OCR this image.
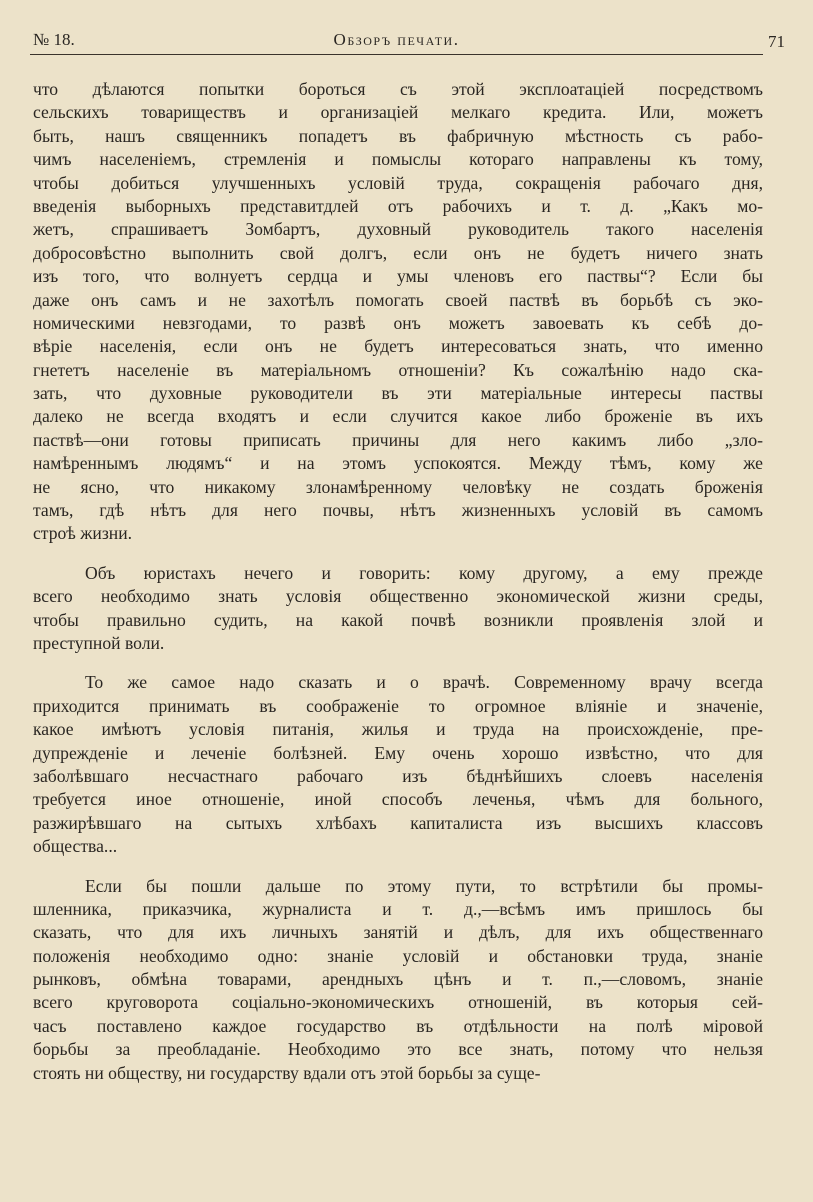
№ 18.	Обзоръ печати.	71
что дѣлаются попытки бороться съ этой эксплоатаціей посредствомъ
сельскихъ товариществъ и организаціей мелкаго кредита. Или, можетъ
быть, нашъ священникъ попадетъ въ фабричную мѣстность съ рабо-
чимъ населеніемъ, стремленія и помыслы котораго направлены къ тому,
чтобы добиться улучшенныхъ условій труда, сокращенія рабочаго дня,
введенія выборныхъ представитдлей отъ рабочихъ и т. д. „Какъ мо-
жетъ, спрашиваетъ Зомбартъ, духовный руководитель такого населенія
добросовѣстно выполнить свой долгъ, если онъ не будетъ ничего знать
изъ того, что волнуетъ сердца и умы членовъ его паствы“? Если бы
даже онъ самъ и не захотѣлъ помогать своей паствѣ въ борьбѣ съ эко-
номическими невзгодами, то развѣ онъ можетъ завоевать къ себѣ до-
вѣріе населенія, если онъ не будетъ интересоваться знать, что именно
гнететъ населеніе въ матеріальномъ отношеніи? Къ сожалѣнію надо ска-
зать, что духовные руководители въ эти матеріальные интересы паствы
далеко не всегда входятъ и если случится какое либо броженіе въ ихъ
паствѣ—они готовы приписать причины для него какимъ либо „зло-
намѣреннымъ людямъ“ и на этомъ успокоятся. Между тѣмъ, кому же
не ясно, что никакому злонамѣренному человѣку не создать броженія
тамъ, гдѣ нѣтъ для него почвы, нѣтъ жизненныхъ условій въ самомъ
строѣ жизни.
Объ юристахъ нечего и говорить: кому другому, а ему прежде
всего необходимо знать условія общественно экономической жизни среды,
чтобы правильно судить, на какой почвѣ возникли проявленія злой и
преступной воли.
То же самое надо сказать и о врачѣ. Современному врачу всегда
приходится принимать въ соображеніе то огромное вліяніе и значеніе,
какое имѣютъ условія питанія, жилья и труда на происхожденіе, пре-
дупрежденіе и леченіе болѣзней. Ему очень хорошо извѣстно, что для
заболѣвшаго несчастнаго рабочаго изъ бѣднѣйшихъ слоевъ населенія
требуется иное отношеніе, иной способъ леченья, чѣмъ для больного,
разжирѣвшаго на сытыхъ хлѣбахъ капиталиста изъ высшихъ классовъ
общества...
Если бы пошли дальше по этому пути, то встрѣтили бы промы-
шленника, приказчика, журналиста и т. д.,—всѣмъ имъ пришлось бы
сказать, что для ихъ личныхъ занятій и дѣлъ, для ихъ общественнаго
положенія необходимо одно: знаніе условій и обстановки труда, знаніе
рынковъ, обмѣна товарами, арендныхъ цѣнъ и т. п.,—словомъ, знаніе
всего круговорота соціально-экономическихъ отношеній, въ которыя сей-
часъ поставлено каждое государство въ отдѣльности на полѣ міровой
борьбы за преобладаніе. Необходимо это все знать, потому что нельзя
стоять ни обществу, ни государству вдали отъ этой борьбы за суще-
